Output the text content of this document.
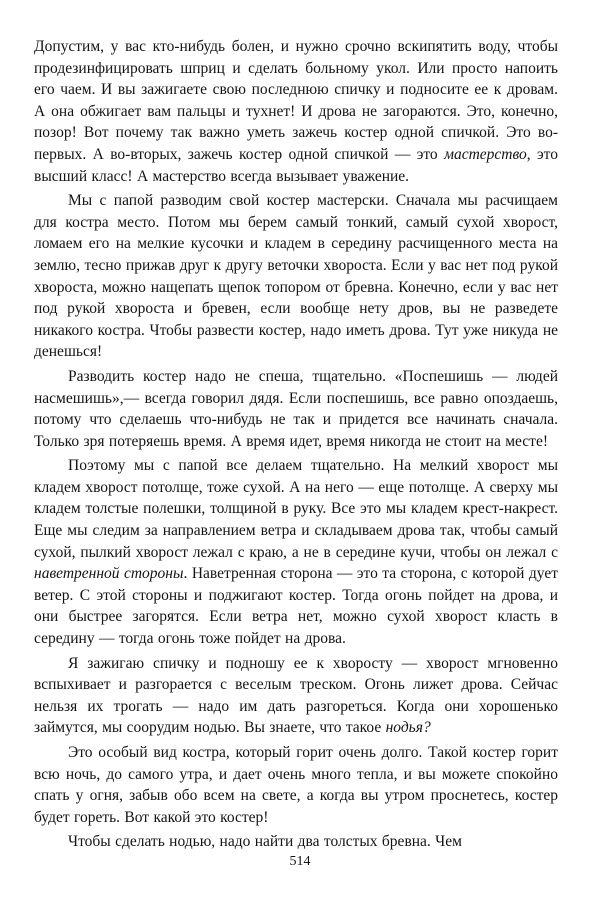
Допустим, у вас кто-нибудь болен, и нужно срочно вскипятить воду, чтобы продезинфицировать шприц и сделать больному укол. Или просто напоить его чаем. И вы зажигаете свою последнюю спичку и подносите ее к дровам. А она обжигает вам пальцы и тухнет! И дрова не загораются. Это, конечно, позор! Вот почему так важно уметь зажечь костер одной спичкой. Это во-первых. А во-вторых, зажечь костер одной спичкой — это мастерство, это высший класс! А мастерство всегда вызывает уважение.

Мы с папой разводим свой костер мастерски. Сначала мы расчищаем для костра место. Потом мы берем самый тонкий, самый сухой хворост, ломаем его на мелкие кусочки и кладем в середину расчищенного места на землю, тесно прижав друг к другу веточки хвороста. Если у вас нет под рукой хвороста, можно нащепать щепок топором от бревна. Конечно, если у вас нет под рукой хвороста и бревен, если вообще нету дров, вы не разведете никакого костра. Чтобы развести костер, надо иметь дрова. Тут уже никуда не денешься!

Разводить костер надо не спеша, тщательно. «Поспешишь — людей насмешишь»,— всегда говорил дядя. Если поспешишь, все равно опоздаешь, потому что сделаешь что-нибудь не так и придется все начинать сначала. Только зря потеряешь время. А время идет, время никогда не стоит на месте!

Поэтому мы с папой все делаем тщательно. На мелкий хворост мы кладем хворост потолще, тоже сухой. А на него — еще потолще. А сверху мы кладем толстые полешки, толщиной в руку. Все это мы кладем крест-накрест. Еще мы следим за направлением ветра и складываем дрова так, чтобы самый сухой, пылкий хворост лежал с краю, а не в середине кучи, чтобы он лежал с наветренной стороны. Наветренная сторона — это та сторона, с которой дует ветер. С этой стороны и поджигают костер. Тогда огонь пойдет на дрова, и они быстрее загорятся. Если ветра нет, можно сухой хворост класть в середину — тогда огонь тоже пойдет на дрова.

Я зажигаю спичку и подношу ее к хворосту — хворост мгновенно вспыхивает и разгорается с веселым треском. Огонь лижет дрова. Сейчас нельзя их трогать — надо им дать разгореться. Когда они хорошенько займутся, мы соорудим нодью. Вы знаете, что такое нодья?

Это особый вид костра, который горит очень долго. Такой костер горит всю ночь, до самого утра, и дает очень много тепла, и вы можете спокойно спать у огня, забыв обо всем на свете, а когда вы утром проснетесь, костер будет гореть. Вот какой это костер!

Чтобы сделать нодью, надо найти два толстых бревна. Чем

514
